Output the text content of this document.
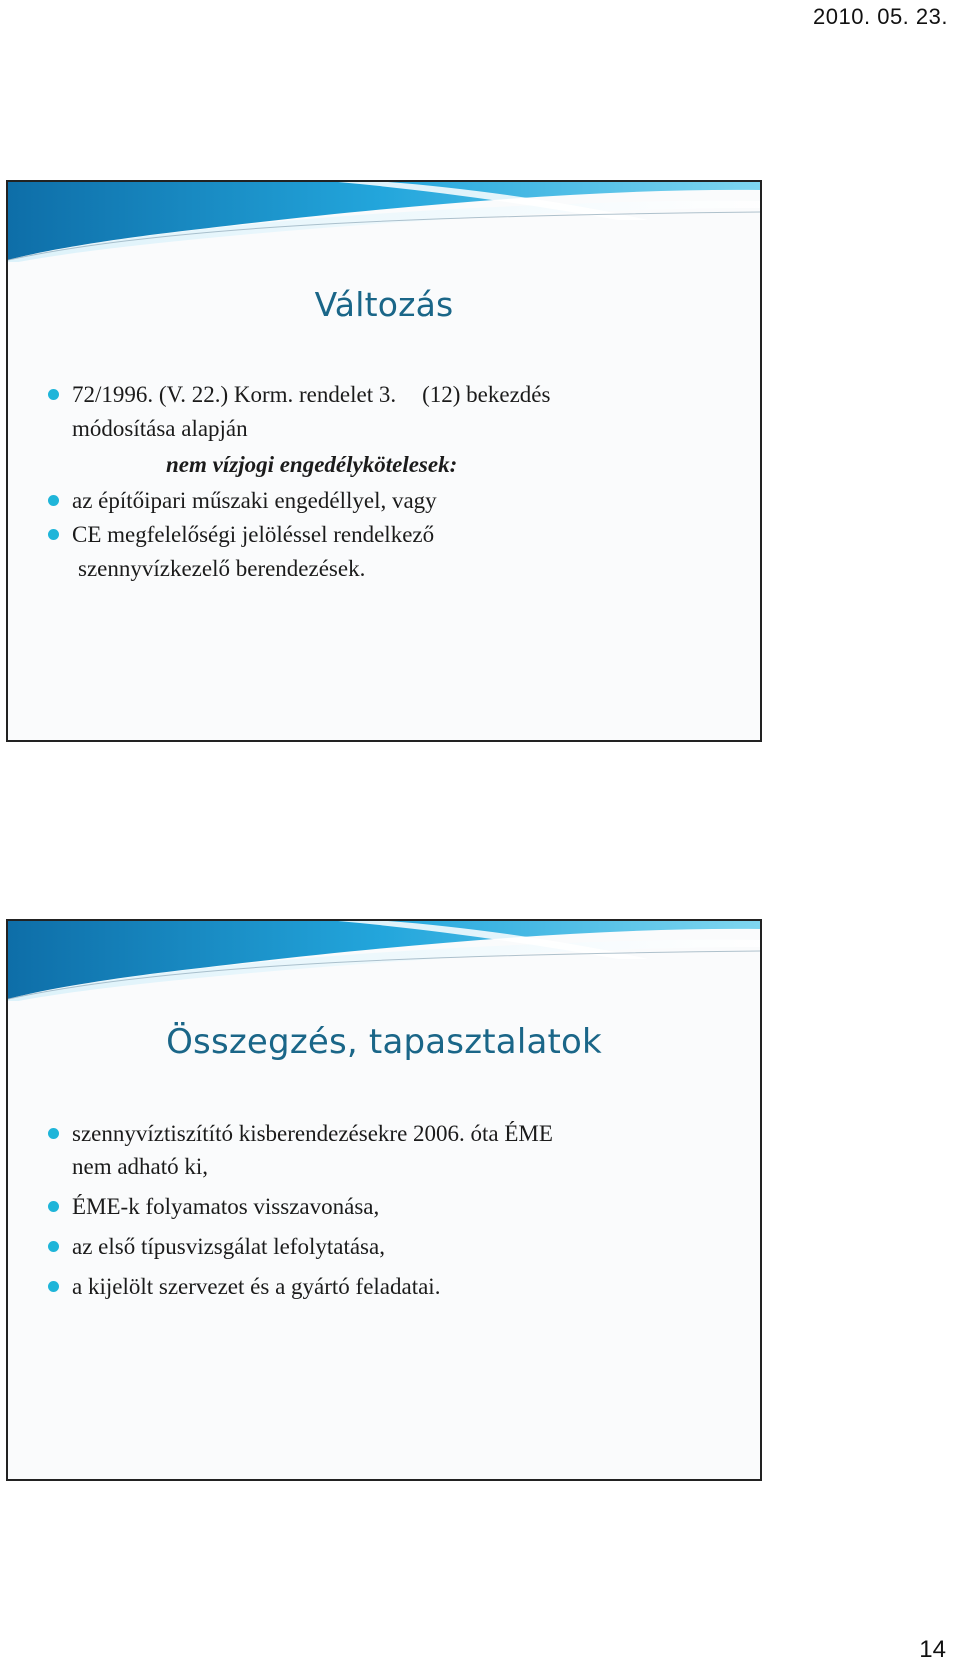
2010. 05. 23.
Változás
72/1996. (V. 22.) Korm. rendelet 3. (12) bekezdés
módosítása alapján
nem vízjogi engedélykötelesek:
az építőipari műszaki engedéllyel, vagy
CE megfelelőségi jelöléssel rendelkező
szennyvízkezelő berendezések.
Összegzés, tapasztalatok
szennyvíztiszítító kisberendezésekre 2006. óta ÉME
nem adható ki,
ÉME-k folyamatos visszavonása,
az első típusvizsgálat lefolytatása,
a kijelölt szervezet és a gyártó feladatai.
14
